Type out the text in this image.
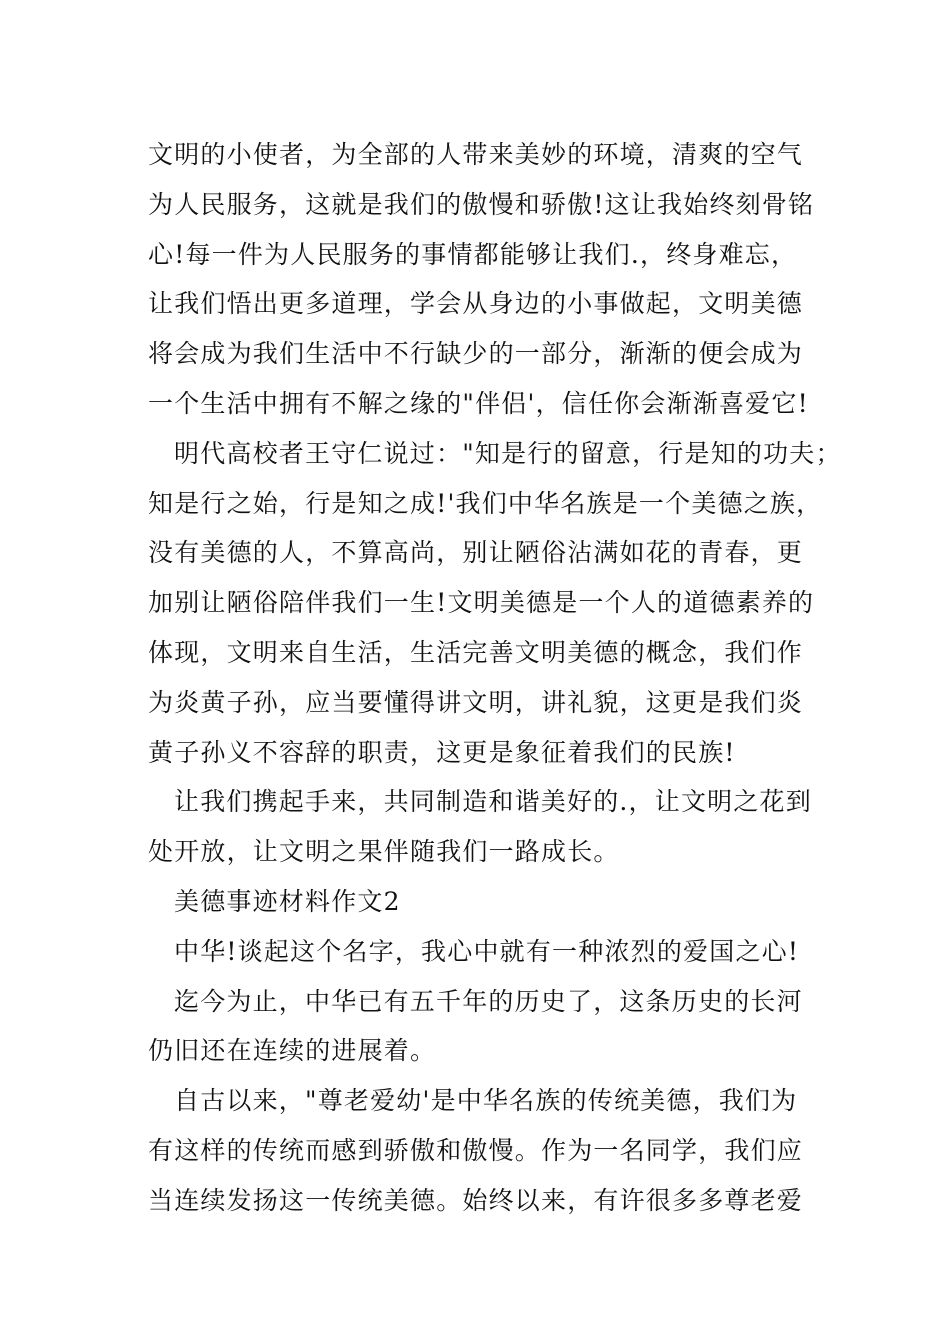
文明的小使者，为全部的人带来美妙的环境，清爽的空气
为人民服务，这就是我们的傲慢和骄傲!这让我始终刻骨铭
心!每一件为人民服务的事情都能够让我们.，终身难忘，
让我们悟出更多道理，学会从身边的小事做起，文明美德
将会成为我们生活中不行缺少的一部分，渐渐的便会成为
一个生活中拥有不解之缘的"伴侣'，信任你会渐渐喜爱它!
明代高校者王守仁说过："知是行的留意，行是知的功夫；
知是行之始，行是知之成!'我们中华名族是一个美德之族，
没有美德的人，不算高尚，别让陋俗沾满如花的青春，更
加别让陋俗陪伴我们一生!文明美德是一个人的道德素养的
体现，文明来自生活，生活完善文明美德的概念，我们作
为炎黄子孙，应当要懂得讲文明，讲礼貌，这更是我们炎
黄子孙义不容辞的职责，这更是象征着我们的民族!
让我们携起手来，共同制造和谐美好的.，让文明之花到
处开放，让文明之果伴随我们一路成长。
美德事迹材料作文2
中华!谈起这个名字，我心中就有一种浓烈的爱国之心!
迄今为止，中华已有五千年的历史了，这条历史的长河
仍旧还在连续的进展着。
自古以来，"尊老爱幼'是中华名族的传统美德，我们为
有这样的传统而感到骄傲和傲慢。作为一名同学，我们应
当连续发扬这一传统美德。始终以来，有许很多多尊老爱
